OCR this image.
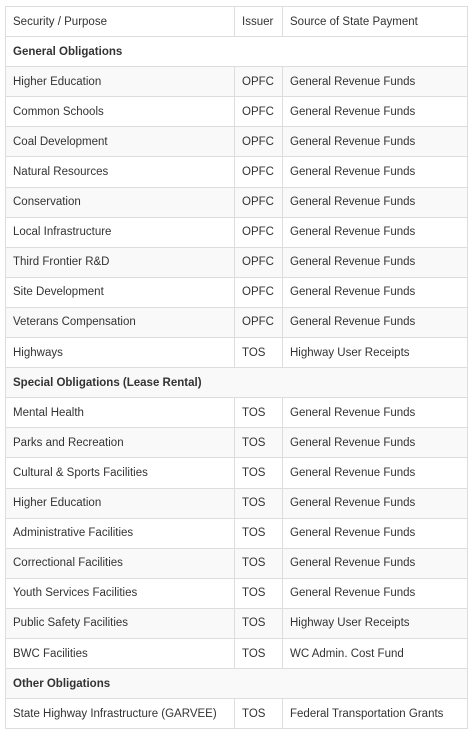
Security / Purpose	Issuer	Source of State Payment
General Obligations		
Higher Education	OPFC	General Revenue Funds
Common Schools	OPFC	General Revenue Funds
Coal Development	OPFC	General Revenue Funds
Natural Resources	OPFC	General Revenue Funds
Conservation	OPFC	General Revenue Funds
Local Infrastructure	OPFC	General Revenue Funds
Third Frontier R&D	OPFC	General Revenue Funds
Site Development	OPFC	General Revenue Funds
Veterans Compensation	OPFC	General Revenue Funds
Highways	TOS	Highway User Receipts
Special Obligations (Lease Rental)		
Mental Health	TOS	General Revenue Funds
Parks and Recreation	TOS	General Revenue Funds
Cultural & Sports Facilities	TOS	General Revenue Funds
Higher Education	TOS	General Revenue Funds
Administrative Facilities	TOS	General Revenue Funds
Correctional Facilities	TOS	General Revenue Funds
Youth Services Facilities	TOS	General Revenue Funds
Public Safety Facilities	TOS	Highway User Receipts
BWC Facilities	TOS	WC Admin. Cost Fund
Other Obligations		
State Highway Infrastructure (GARVEE)	TOS	Federal Transportation Grants
